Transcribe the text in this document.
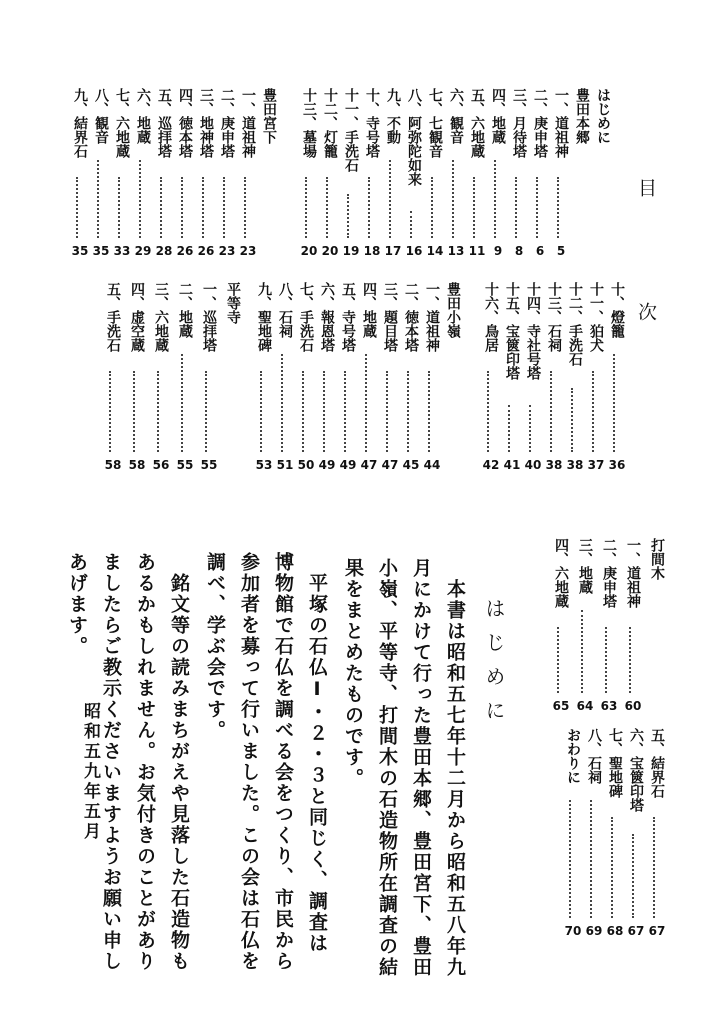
目
次
はじめに
豊田本郷
一、道祖神
5
二、庚申塔
6
三、月待塔
8
四、地蔵
9
五、六地蔵
11
六、観音
13
七、七観音
14
八、阿弥陀如来
16
九、不動
17
十、寺号塔
18
十一、手洗石
19
十二、灯籠
20
十三、墓場
20
豊田宮下
一、道祖神
23
二、庚申塔
23
三、地神塔
26
四、徳本塔
26
五、巡拝塔
28
六、地蔵
29
七、六地蔵
33
八、観音
35
九、結界石
35
十、燈籠
36
十一、狛犬
37
十二、手洗石
38
十三、石祠
38
十四、寺社号塔
40
十五、宝篋印塔
41
十六、鳥居
42
豊田小嶺
一、道祖神
44
二、徳本塔
45
三、題目塔
47
四、地蔵
47
五、寺号塔
49
六、報恩塔
49
七、手洗石
50
八、石祠
51
九、聖地碑
53
平等寺
一、巡拝塔
55
二、地蔵
55
三、六地蔵
56
四、虚空蔵
58
五、手洗石
58
打間木
一、道祖神
60
二、庚申塔
63
三、地蔵
64
四、六地蔵
65
五、結界石
67
六、宝篋印塔
67
七、聖地碑
68
八、石祠
69
おわりに
70
はじめに
　本書は昭和五七年十二月から昭和五八年九
月にかけて行った豊田本郷、豊田宮下、豊田
小嶺、平等寺、打間木の石造物所在調査の結
果をまとめたものです。
　平塚の石仏Ⅰ・２・３と同じく、調査は
博物館で石仏を調べる会をつくり、市民から
参加者を募って行いました。この会は石仏を
調べ、学ぶ会です。
　銘文等の読みまちがえや見落した石造物も
あるかもしれません。お気付きのことがあり
ましたらご教示くださいますようお願い申し
あげます。
昭和五九年五月
